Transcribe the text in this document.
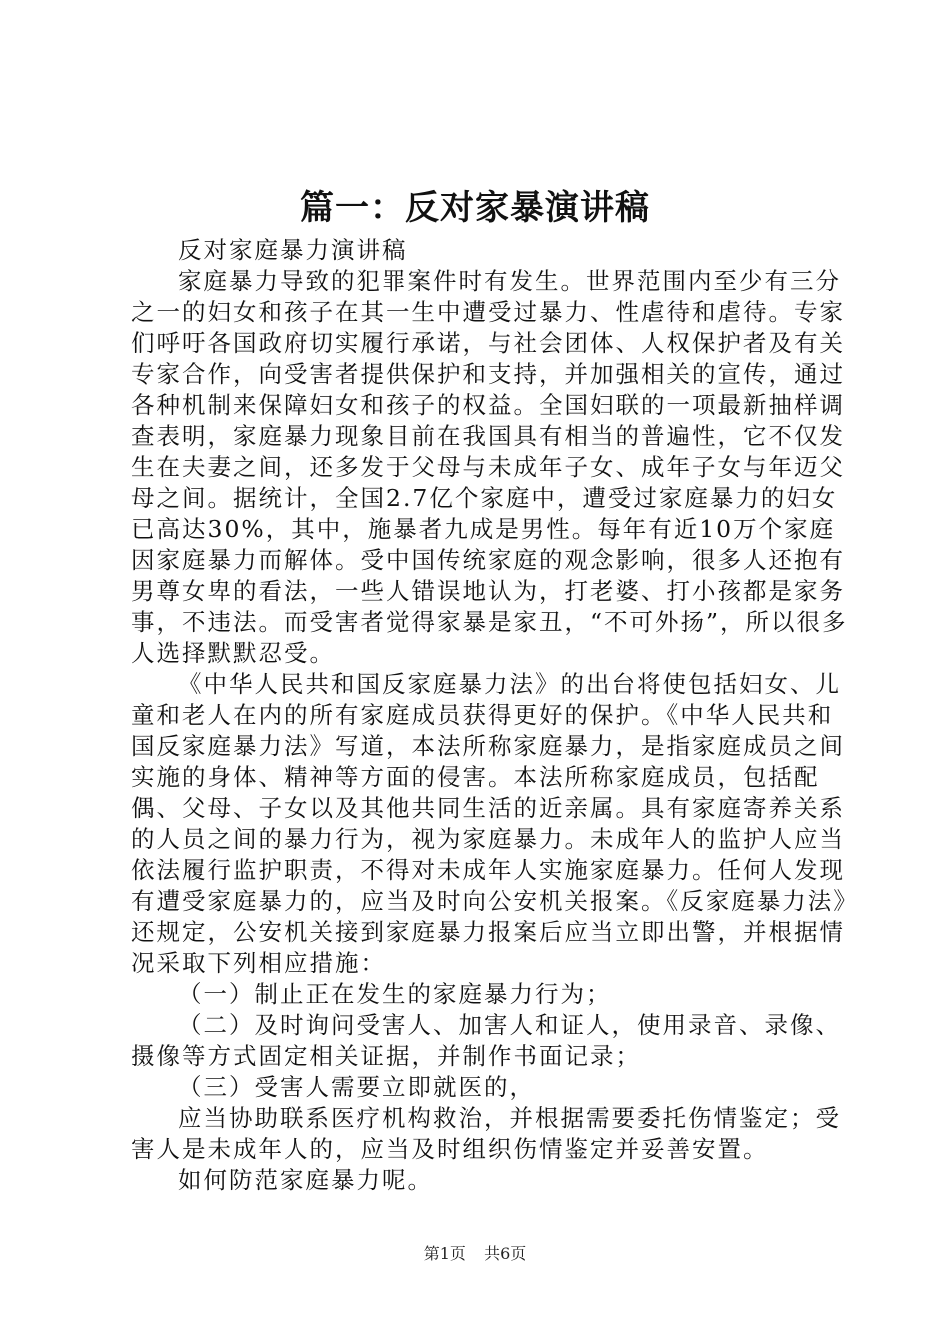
篇一：反对家暴演讲稿

反对家庭暴力演讲稿

家庭暴力导致的犯罪案件时有发生。世界范围内至少有三分之一的妇女和孩子在其一生中遭受过暴力、性虐待和虐待。专家们呼吁各国政府切实履行承诺，与社会团体、人权保护者及有关专家合作，向受害者提供保护和支持，并加强相关的宣传，通过各种机制来保障妇女和孩子的权益。全国妇联的一项最新抽样调查表明，家庭暴力现象目前在我国具有相当的普遍性，它不仅发生在夫妻之间，还多发于父母与未成年子女、成年子女与年迈父母之间。据统计，全国2.7亿个家庭中，遭受过家庭暴力的妇女已高达30%，其中，施暴者九成是男性。每年有近10万个家庭因家庭暴力而解体。受中国传统家庭的观念影响，很多人还抱有男尊女卑的看法，一些人错误地认为，打老婆、打小孩都是家务事，不违法。而受害者觉得家暴是家丑，“不可外扬”，所以很多人选择默默忍受。

《中华人民共和国反家庭暴力法》的出台将使包括妇女、儿童和老人在内的所有家庭成员获得更好的保护。《中华人民共和国反家庭暴力法》写道，本法所称家庭暴力，是指家庭成员之间实施的身体、精神等方面的侵害。本法所称家庭成员，包括配偶、父母、子女以及其他共同生活的近亲属。具有家庭寄养关系的人员之间的暴力行为，视为家庭暴力。未成年人的监护人应当依法履行监护职责，不得对未成年人实施家庭暴力。任何人发现有遭受家庭暴力的，应当及时向公安机关报案。《反家庭暴力法》还规定，公安机关接到家庭暴力报案后应当立即出警，并根据情况采取下列相应措施：

（一）制止正在发生的家庭暴力行为；

（二）及时询问受害人、加害人和证人，使用录音、录像、摄像等方式固定相关证据，并制作书面记录；

（三）受害人需要立即就医的，

应当协助联系医疗机构救治，并根据需要委托伤情鉴定；受害人是未成年人的，应当及时组织伤情鉴定并妥善安置。

如何防范家庭暴力呢。

第1页 共6页
